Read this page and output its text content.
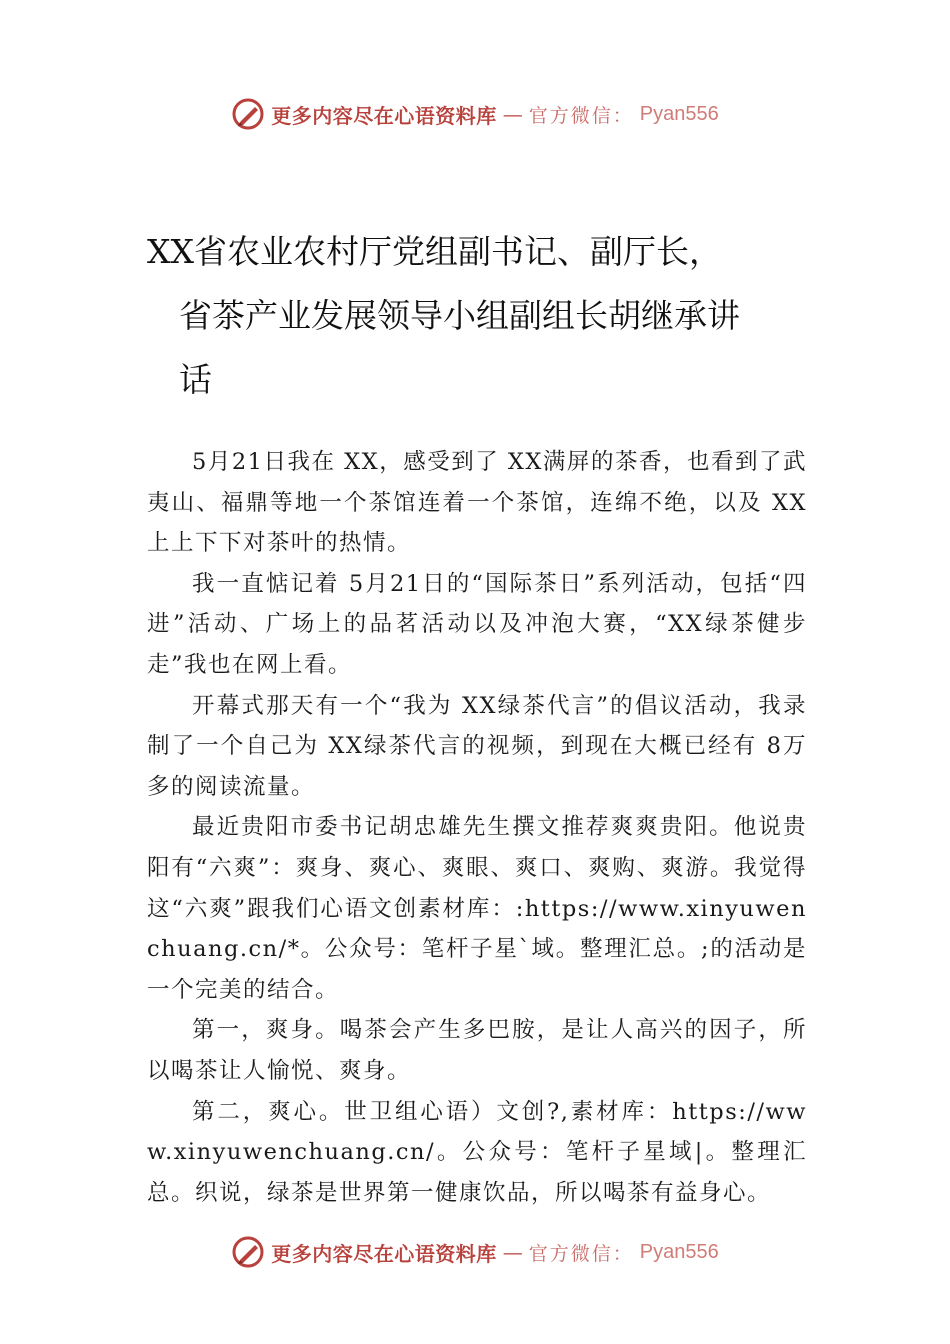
更多内容尽在心语资料库 — 官方微信： Pyan556
XX省农业农村厅党组副书记、副厅长，
省茶产业发展领导小组副组长胡继承讲
话

5月21日我在 XX，感受到了 XX满屏的茶香，也看到了武夷山、福鼎等地一个茶馆连着一个茶馆，连绵不绝，以及 XX上上下下对茶叶的热情。

我一直惦记着 5月21日的“国际茶日”系列活动，包括“四进”活动、广场上的品茗活动以及冲泡大赛，“XX绿茶健步走”我也在网上看。

开幕式那天有一个“我为 XX绿茶代言”的倡议活动，我录制了一个自己为 XX绿茶代言的视频，到现在大概已经有 8万多的阅读流量。

最近贵阳市委书记胡忠雄先生撰文推荐爽爽贵阳。他说贵阳有“六爽”：爽身、爽心、爽眼、爽口、爽购、爽游。我觉得这“六爽”跟我们心语文创素材库：:https://www.xinyuwenchuang.cn/*。公众号：笔杆子星`域。整理汇总。;的活动是一个完美的结合。

第一，爽身。喝茶会产生多巴胺，是让人高兴的因子，所以喝茶让人愉悦、爽身。

第二，爽心。世卫组心语）文创?,素材库：https://www.xinyuwenchuang.cn/。公众号：笔杆子星域|。整理汇总。织说，绿茶是世界第一健康饮品，所以喝茶有益身心。

更多内容尽在心语资料库 — 官方微信： Pyan556
